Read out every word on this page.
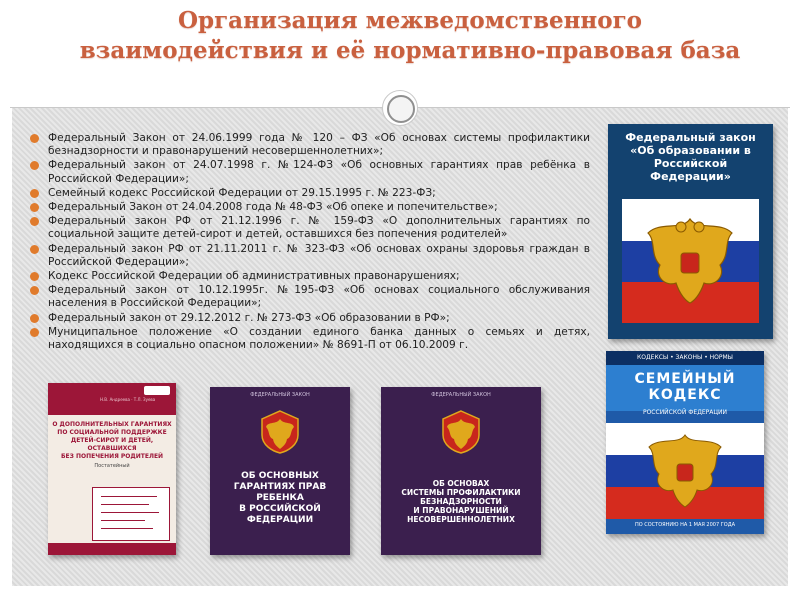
Организация межведомственного
взаимодействия и её нормативно-правовая база
Федеральный Закон от 24.06.1999 года № 120 – ФЗ «Об основах системы профилактики безнадзорности и правонарушений несовершеннолетних»;
Федеральный закон от 24.07.1998 г. №124-ФЗ «Об основных гарантиях прав ребёнка в Российской Федерации»;
Семейный кодекс Российской Федерации от 29.15.1995 г. № 223-ФЗ;
Федеральный Закон от 24.04.2008 года № 48-ФЗ «Об опеке и попечительстве»;
Федеральный закон РФ от 21.12.1996 г. № 159-ФЗ «О дополнительных гарантиях по социальной защите детей-сирот и детей, оставшихся без попечения родителей»
Федеральный закон РФ от 21.11.2011 г. № 323-ФЗ «Об основах охраны здоровья граждан в Российской Федерации»;
Кодекс Российской Федерации об административных правонарушениях;
Федеральный закон от 10.12.1995г. №195-ФЗ «Об основах социального обслуживания населения в Российской Федерации»;
Федеральный закон от 29.12.2012 г. № 273-ФЗ «Об образовании в РФ»;
Муниципальное положение «О создании единого банка данных о семьях и детях, находящихся в социально опасном положении» № 8691-П от 06.10.2009 г.
Федеральный закон
«Об образовании в
Российской
Федерации»
КОДЕКСЫ • ЗАКОНЫ • НОРМЫ
СЕМЕЙНЫЙ
КОДЕКС
РОССИЙСКОЙ ФЕДЕРАЦИИ
ПО СОСТОЯНИЮ НА 1 МАЯ 2007 ГОДА
Н.В. Андреева · Т.Л. Зуева
О ДОПОЛНИТЕЛЬНЫХ ГАРАНТИЯХ
ПО СОЦИАЛЬНОЙ ПОДДЕРЖКЕ
ДЕТЕЙ-СИРОТ И ДЕТЕЙ, ОСТАВШИХСЯ
БЕЗ ПОПЕЧЕНИЯ РОДИТЕЛЕЙ
Постатейный
ФЕДЕРАЛЬНЫЙ ЗАКОН
ОБ ОСНОВНЫХ
ГАРАНТИЯХ ПРАВ
РЕБЕНКА
В РОССИЙСКОЙ
ФЕДЕРАЦИИ
ФЕДЕРАЛЬНЫЙ ЗАКОН
ОБ ОСНОВАХ
СИСТЕМЫ ПРОФИЛАКТИКИ
БЕЗНАДЗОРНОСТИ
И ПРАВОНАРУШЕНИЙ
НЕСОВЕРШЕННОЛЕТНИХ
